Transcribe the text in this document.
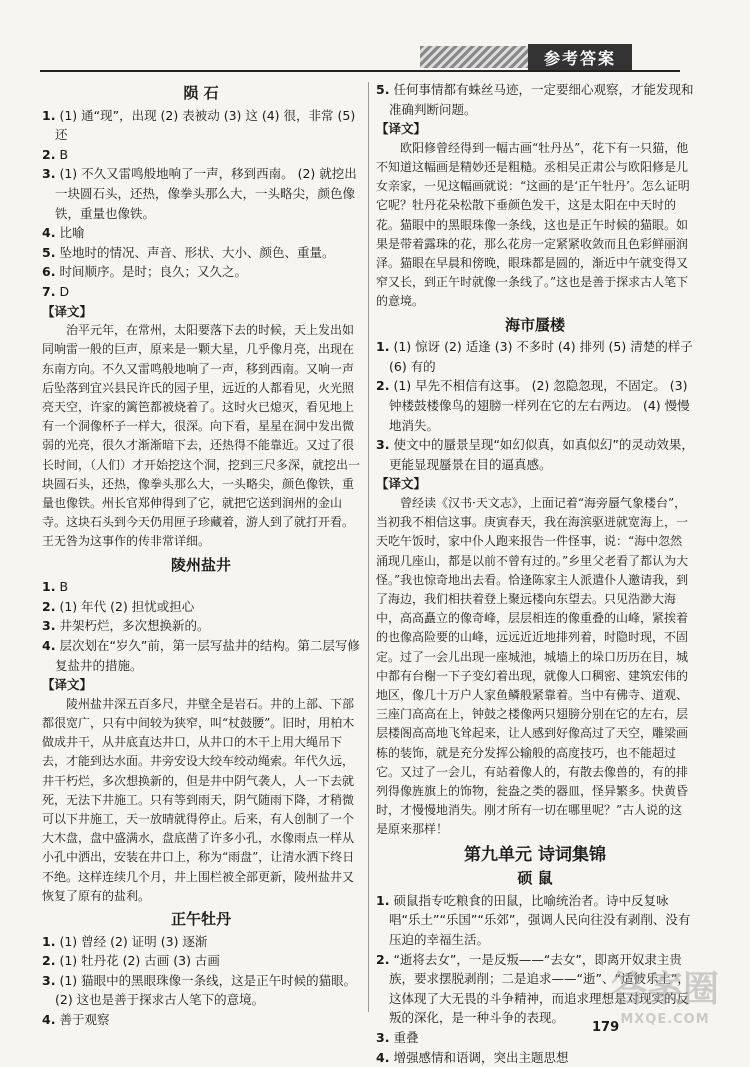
参考答案
陨 石
1. (1) 通“现”，出现 (2) 表被动 (3) 这 (4) 很，非常 (5) 还
2. B
3. (1) 不久又雷鸣般地响了一声，移到西南。 (2) 就挖出一块圆石头，还热，像拳头那么大，一头略尖，颜色像铁，重量也像铁。
4. 比喻
5. 坠地时的情况、声音、形状、大小、颜色、重量。
6. 时间顺序。是时；良久；又久之。
7. D
【译文】
治平元年，在常州，太阳要落下去的时候，天上发出如同响雷一般的巨声，原来是一颗大星，几乎像月亮，出现在东南方向。不久又雷鸣般地响了一声，移到西南。又响一声后坠落到宜兴县民许氏的园子里，远近的人都看见，火光照亮天空，许家的篱笆都被烧着了。这时火已熄灭，看见地上有一个洞像杯子一样大，很深。向下看，星星在洞中发出微弱的光亮，很久才渐渐暗下去，还热得不能靠近。又过了很长时间，（人们）才开始挖这个洞，挖到三尺多深，就挖出一块圆石头，还热，像拳头那么大，一头略尖，颜色像铁，重量也像铁。州长官郑伸得到了它，就把它送到润州的金山寺。这块石头到今天仍用匣子珍藏着，游人到了就打开看。王无咎为这事作的传非常详细。
陵州盐井
1. B
2. (1) 年代 (2) 担忧或担心
3. 井架朽烂，多次想换新的。
4. 层次划在“岁久”前，第一层写盐井的结构。第二层写修复盐井的措施。
【译文】
陵州盐井深五百多尺，井壁全是岩石。井的上部、下部都很宽广，只有中间较为狭窄，叫“杖鼓腰”。旧时，用柏木做成井干，从井底直达井口，从井口的木干上用大绳吊下去，才能到达水面。井旁安设大绞车绞动绳索。年代久远，井干朽烂，多次想换新的，但是井中阴气袭人，人一下去就死，无法下井施工。只有等到雨天，阴气随雨下降，才稍微可以下井施工，天一放晴就得停止。后来，有人创制了一个大木盘，盘中盛满水，盘底凿了许多小孔，水像雨点一样从小孔中洒出，安装在井口上，称为“雨盘”，让清水洒下终日不绝。这样连续几个月，井上围栏被全部更新，陵州盐井又恢复了原有的盐利。
正午牡丹
1. (1) 曾经 (2) 证明 (3) 逐渐
2. (1) 牡丹花 (2) 古画 (3) 古画
3. (1) 猫眼中的黑眼珠像一条线，这是正午时候的猫眼。 (2) 这也是善于探求古人笔下的意境。
4. 善于观察
5. 任何事情都有蛛丝马迹，一定要细心观察，才能发现和准确判断问题。
【译文】
欧阳修曾经得到一幅古画“牡丹丛”，花下有一只猫，他不知道这幅画是精妙还是粗糙。丞相吴正肃公与欧阳修是儿女亲家，一见这幅画就说：“这画的是‘正午牡丹’。怎么证明它呢？牡丹花朵松散下垂颜色发干，这是太阳在中天时的花。猫眼中的黑眼珠像一条线，这也是正午时候的猫眼。如果是带着露珠的花，那么花房一定紧紧收敛而且色彩鲜丽润泽。猫眼在早晨和傍晚，眼珠都是圆的，渐近中午就变得又窄又长，到正午时就像一条线了。”这也是善于探求古人笔下的意境。
海市蜃楼
1. (1) 惊讶 (2) 适逢 (3) 不多时 (4) 排列 (5) 清楚的样子 (6) 有的
2. (1) 早先不相信有这事。 (2) 忽隐忽现，不固定。 (3) 钟楼鼓楼像鸟的翅膀一样列在它的左右两边。 (4) 慢慢地消失。
3. 使文中的蜃景呈现“如幻似真，如真似幻”的灵动效果，更能显现蜃景在目的逼真感。
【译文】
曾经读《汉书·天文志》，上面记着“海旁蜃气象楼台”，当初我不相信这事。庚寅春天，我在海滨驱迸就宽海上，一天吃午饭时，家中仆人跑来报告一件怪事，说：“海中忽然涌现几座山，都是以前不曾有过的。”乡里父老看了都认为大怪。”我也惊奇地出去看。恰逢陈家主人派遣仆人邀请我，到了海边，我们相扶着登上聚远楼向东望去。只见浩渺大海中，高高矗立的像奇峰，层层相连的像重叠的山峰，紧挨着的也像高险要的山峰，远远近近地排列着，时隐时现，不固定。过了一会儿出现一座城池，城墙上的垛口历历在目，城中都有台榭一下子变幻着出现，就像人口稠密、建筑宏伟的地区，像几十万户人家鱼鳞般紧靠着。当中有佛寺、道观、三座门高高在上，钟鼓之楼像两只翅膀分别在它的左右，层层楼阁高高地飞耸起来，让人感到好像高过了天空，雕梁画栋的装饰，就是充分发挥公输般的高度技巧，也不能超过它。又过了一会儿，有站着像人的，有散去像兽的，有的排列得像旌旗上的饰物，瓮盎之类的器皿，怪异繁多。快黄昏时，才慢慢地消失。刚才所有一切在哪里呢？”古人说的这是原来那样！
第九单元 诗词集锦
硕 鼠
1. 硕鼠指专吃粮食的田鼠，比喻统治者。诗中反复咏唱“乐土”“乐国”“乐郊”，强调人民向往没有剥削、没有压迫的幸福生活。
2. “逝将去女”，一是反叛——“去女”，即离开奴隶主贵族，要求摆脱剥削；二是追求——“逝”、“适彼乐土”，这体现了大无畏的斗争精神，而追求理想是对现实的反叛的深化，是一种斗争的表现。
3. 重叠
4. 增强感情和语调，突出主题思想
答案圈
MXQE.COM
179
